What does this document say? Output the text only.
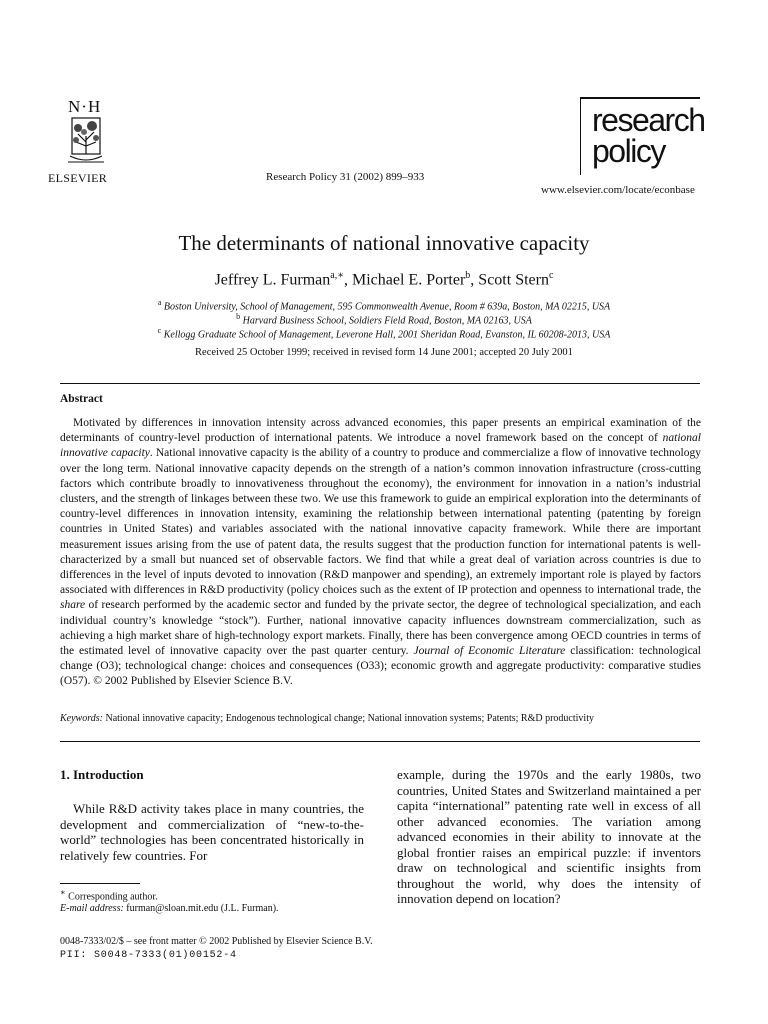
N·H
ELSEVIER	Research Policy 31 (2002) 899–933
research
policy
www.elsevier.com/locate/econbase
The determinants of national innovative capacity
Jeffrey L. Furman$^{a,∗}$, Michael E. Porter$^b$, Scott Stern$^c$
$^a$ Boston University, School of Management, 595 Commonwealth Avenue, Room # 639a, Boston, MA 02215, USA
$^b$ Harvard Business School, Soldiers Field Road, Boston, MA 02163, USA
$^c$ Kellogg Graduate School of Management, Leverone Hall, 2001 Sheridan Road, Evanston, IL 60208-2013, USA
Received 25 October 1999; received in revised form 14 June 2001; accepted 20 July 2001
Abstract

Motivated by differences in innovation intensity across advanced economies, this paper presents an empirical examination of the determinants of country-level production of international patents. We introduce a novel framework based on the concept of national innovative capacity. National innovative capacity is the ability of a country to produce and commercialize a flow of innovative technology over the long term. National innovative capacity depends on the strength of a nation’s common innovation infrastructure (cross-cutting factors which contribute broadly to innovativeness throughout the economy), the environment for innovation in a nation’s industrial clusters, and the strength of linkages between these two. We use this framework to guide an empirical exploration into the determinants of country-level differences in innovation intensity, examining the relationship between international patenting (patenting by foreign countries in United States) and variables associated with the national innovative capacity framework. While there are important measurement issues arising from the use of patent data, the results suggest that the production function for international patents is well-characterized by a small but nuanced set of observable factors. We find that while a great deal of variation across countries is due to differences in the level of inputs devoted to innovation (R&D manpower and spending), an extremely important role is played by factors associated with differences in R&D productivity (policy choices such as the extent of IP protection and openness to international trade, the share of research performed by the academic sector and funded by the private sector, the degree of technological specialization, and each individual country’s knowledge “stock”). Further, national innovative capacity influences downstream commercialization, such as achieving a high market share of high-technology export markets. Finally, there has been convergence among OECD countries in terms of the estimated level of innovative capacity over the past quarter century. Journal of Economic Literature classification: technological change (O3); technological change: choices and consequences (O33); economic growth and aggregate productivity: comparative studies (O57). © 2002 Published by Elsevier Science B.V.

Keywords: National innovative capacity; Endogenous technological change; National innovation systems; Patents; R&D productivity
1. Introduction

While R&D activity takes place in many countries, the development and commercialization of “new-to-the-world” technologies has been concentrated historically in relatively few countries. For

example, during the 1970s and the early 1980s, two countries, United States and Switzerland maintained a per capita “international” patenting rate well in excess of all other advanced economies. The variation among advanced economies in their ability to innovate at the global frontier raises an empirical puzzle: if inventors draw on technological and scientific insights from throughout the world, why does the intensity of innovation depend on location?

∗ Corresponding author.
E-mail address: furman@sloan.mit.edu (J.L. Furman).
0048-7333/02/$ – see front matter © 2002 Published by Elsevier Science B.V.
PII: S0048-7333(01)00152-4
